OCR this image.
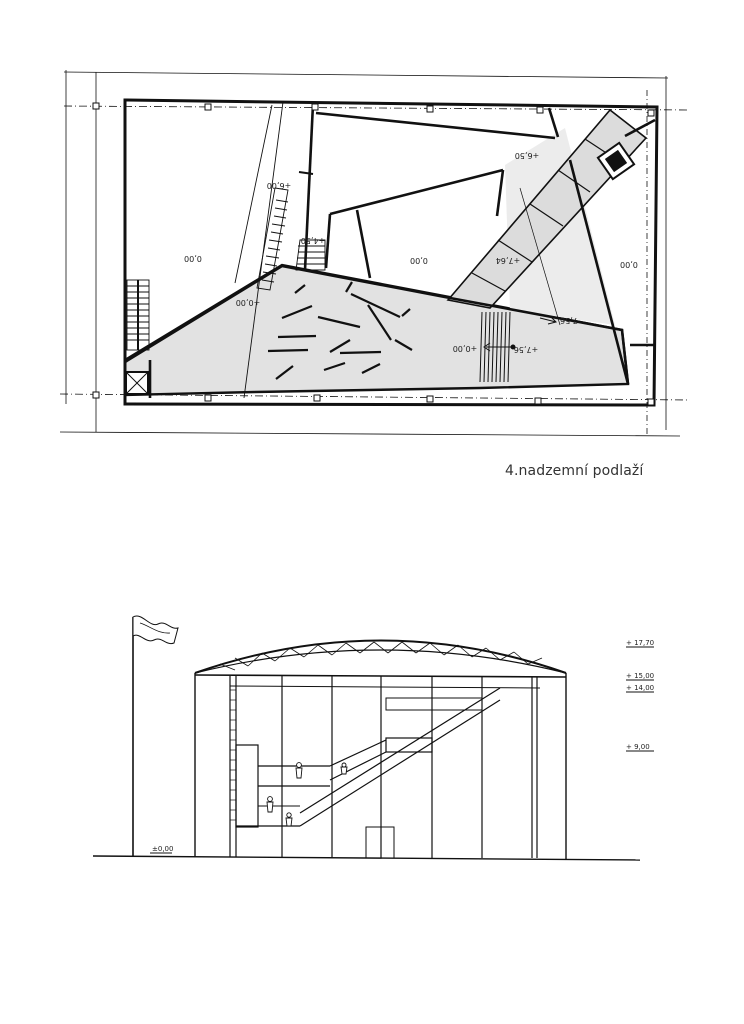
0,00	0,00	0,00
+0,00
+0,00
+4,50
+6,50
+7,64
+7,56
+6,00
7,56
+ 17,70
+ 15,00
+ 14,00
+ 9,00
±0,00
4.nadzemní podlaží
